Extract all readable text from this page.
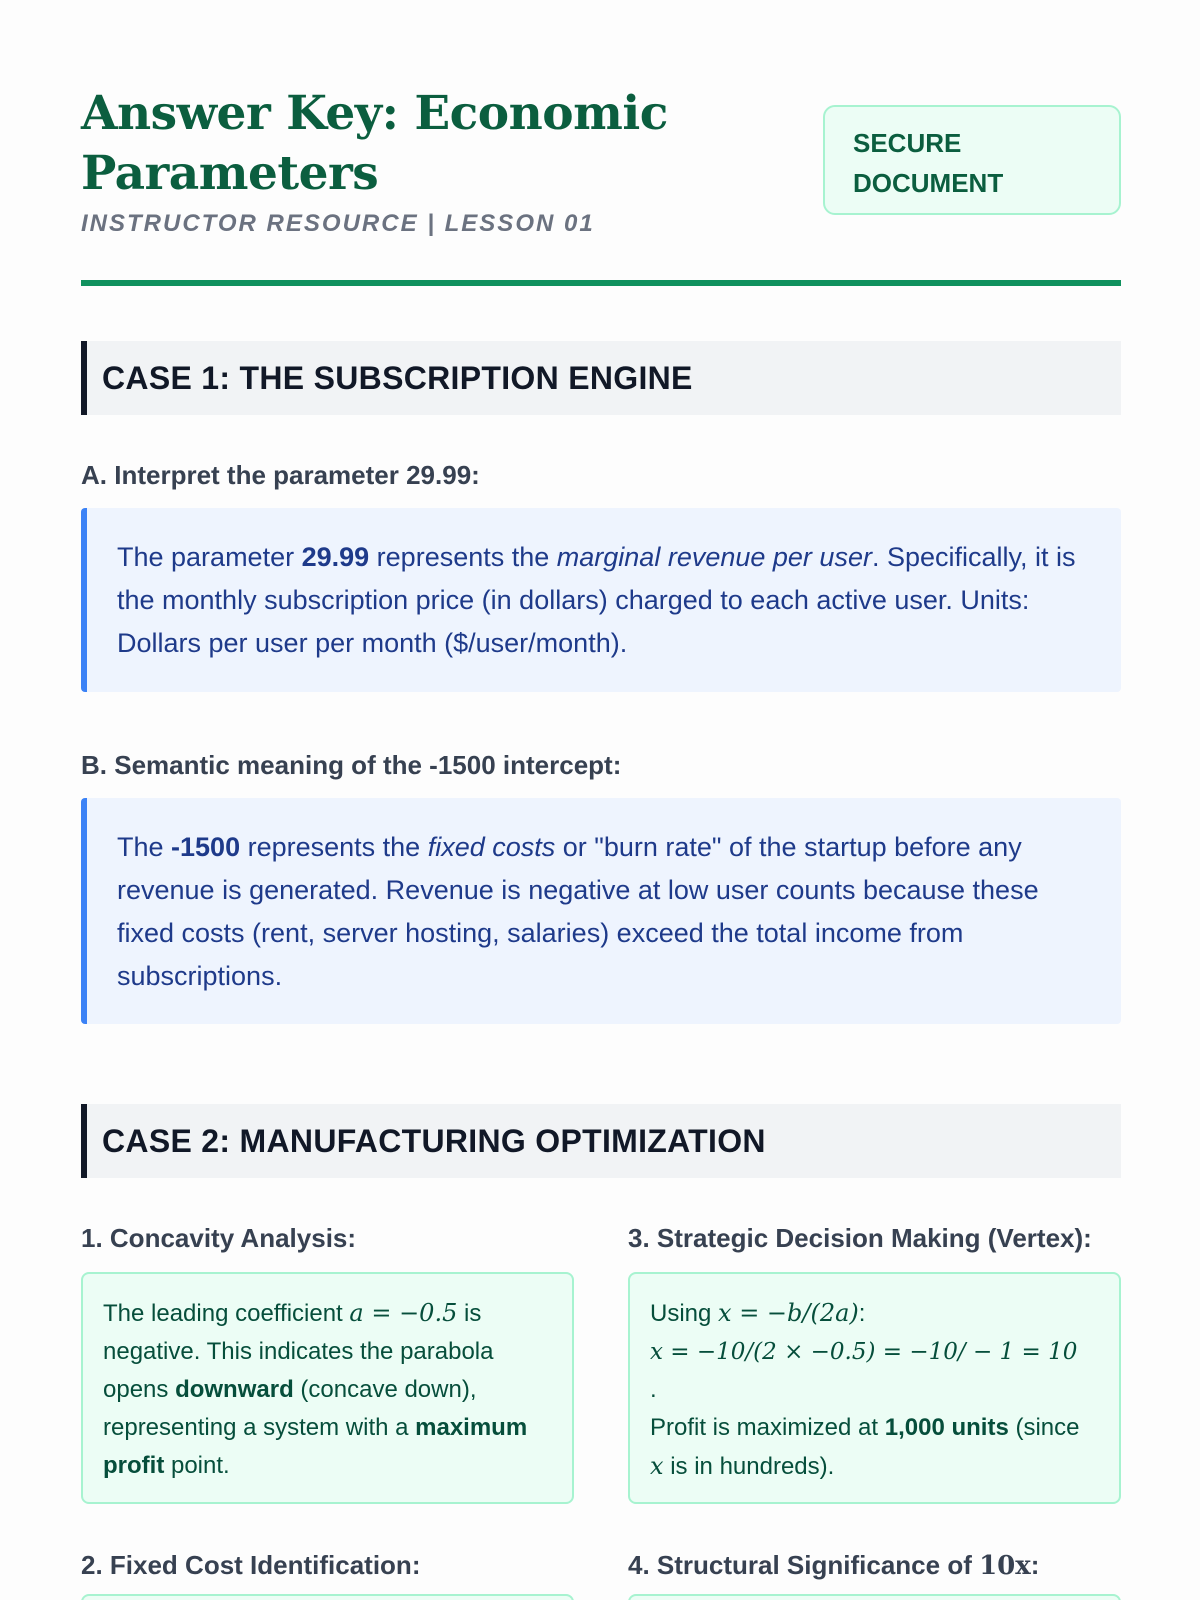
Answer Key: Economic Parameters
INSTRUCTOR RESOURCE | LESSON 01
SECURE DOCUMENT
CASE 1: THE SUBSCRIPTION ENGINE
A. Interpret the parameter 29.99:
The parameter 29.99 represents the marginal revenue per user. Specifically, it is the monthly subscription price (in dollars) charged to each active user. Units: Dollars per user per month ($/user/month).
B. Semantic meaning of the -1500 intercept:
The -1500 represents the fixed costs or "burn rate" of the startup before any revenue is generated. Revenue is negative at low user counts because these fixed costs (rent, server hosting, salaries) exceed the total income from subscriptions.
CASE 2: MANUFACTURING OPTIMIZATION
1. Concavity Analysis:
The leading coefficient a = −0.5 is negative. This indicates the parabola opens downward (concave down), representing a system with a maximum profit point.
3. Strategic Decision Making (Vertex):
Using x = −b/(2a):
x = −10/(2 × −0.5) = −10/ − 1 = 10
.
Profit is maximized at 1,000 units (since x is in hundreds).
2. Fixed Cost Identification:	4. Structural Significance of 10x:
